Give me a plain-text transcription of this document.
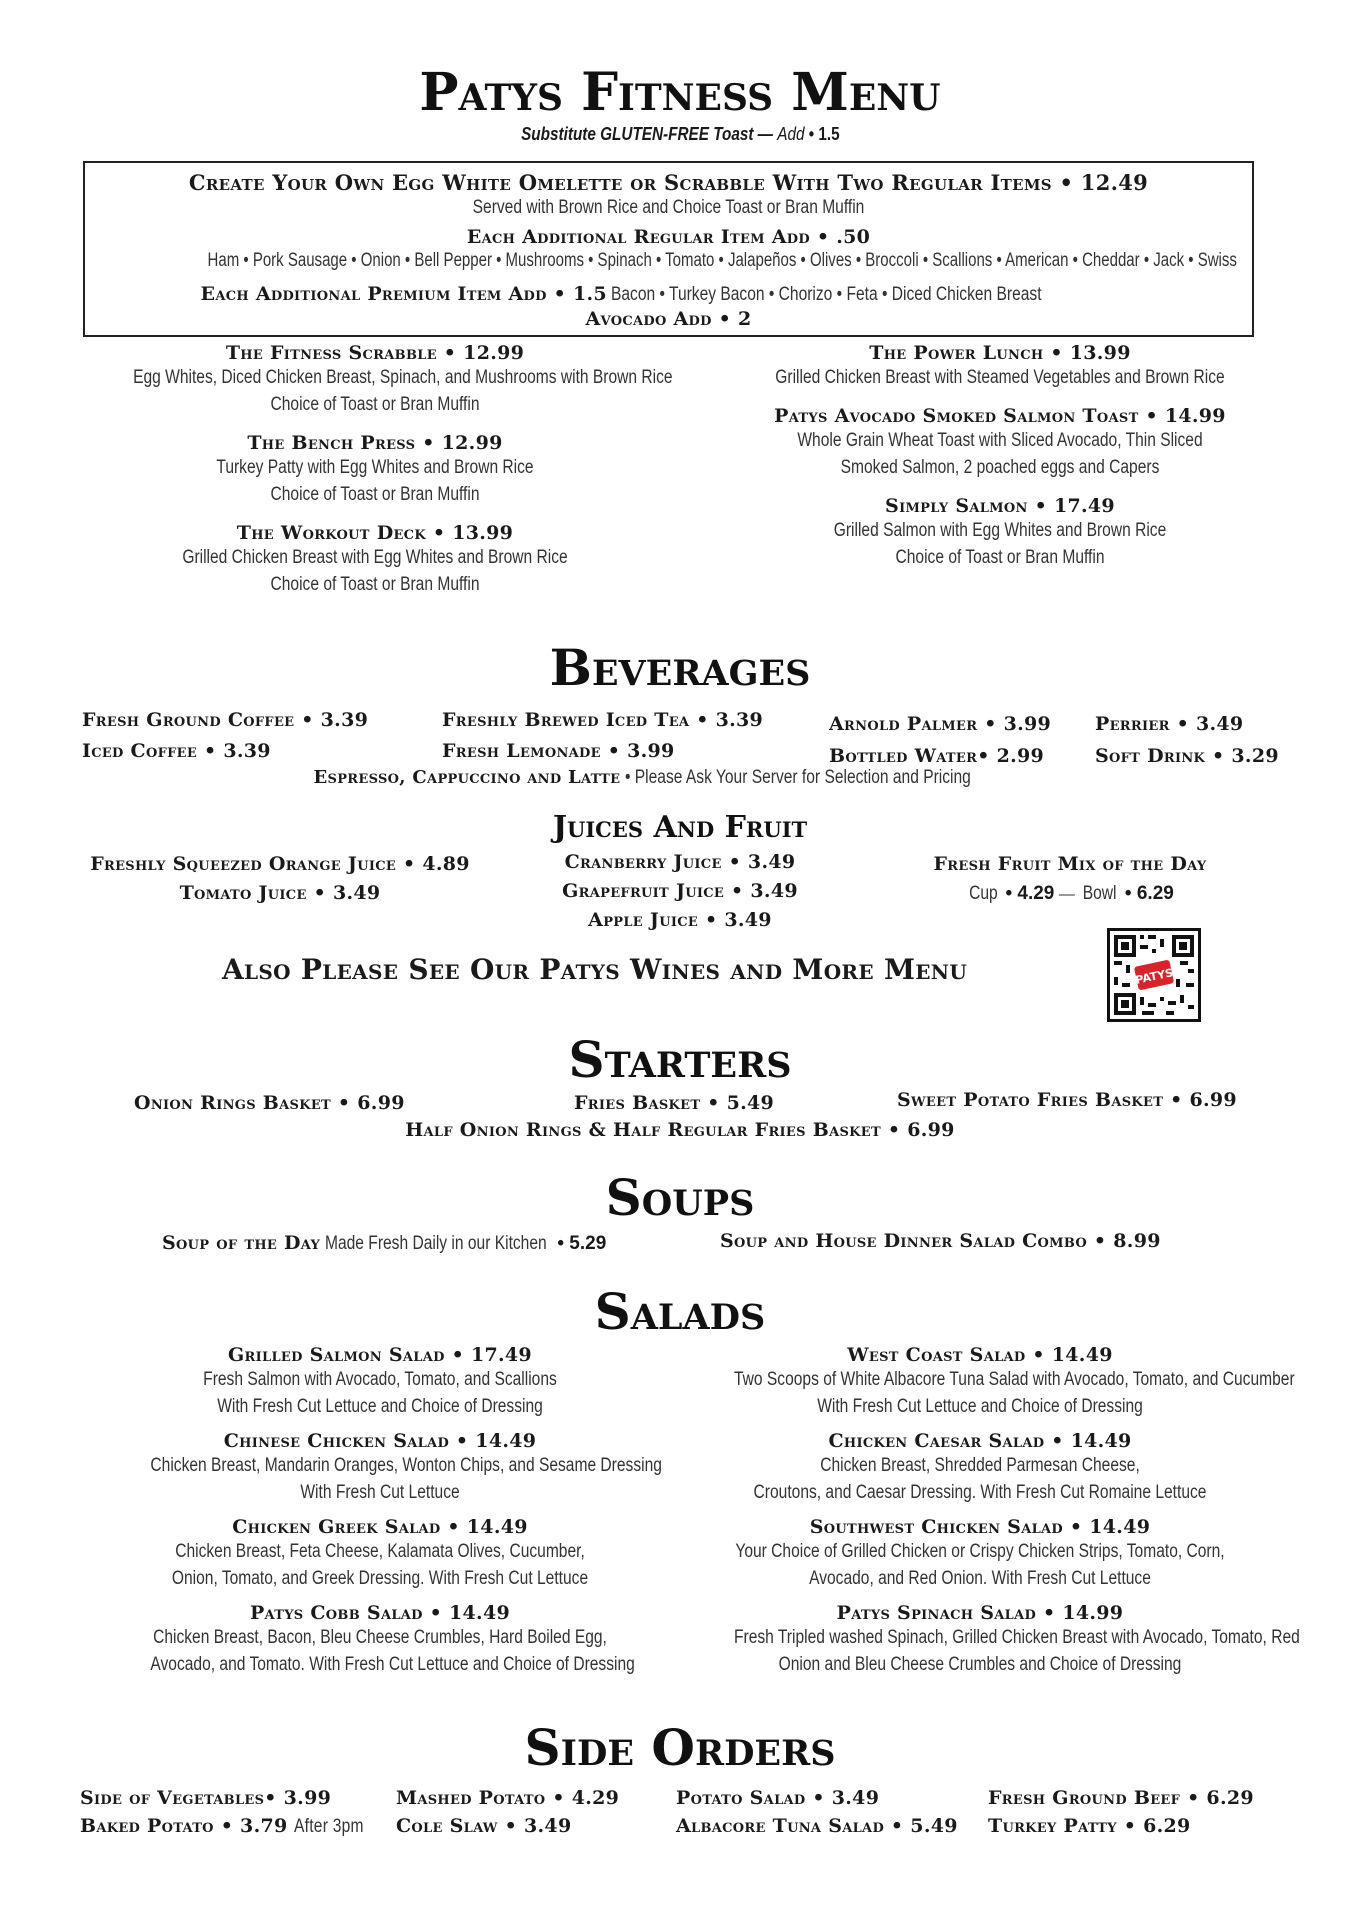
Patys Fitness Menu
Substitute GLUTEN-FREE Toast — Add • 1.5
Create Your Own Egg White Omelette or Scrabble With Two Regular Items • 12.49
Served with Brown Rice and Choice Toast or Bran Muffin
Each Additional Regular Item Add • .50
Ham • Pork Sausage • Onion • Bell Pepper • Mushrooms • Spinach • Tomato • Jalapeños • Olives • Broccoli • Scallions • American • Cheddar • Jack • Swiss
Each Additional Premium Item Add • 1.5 Bacon • Turkey Bacon • Chorizo • Feta • Diced Chicken Breast
Avocado Add • 2
The Fitness Scrabble • 12.99
Egg Whites, Diced Chicken Breast, Spinach, and Mushrooms with Brown Rice
Choice of Toast or Bran Muffin
The Bench Press • 12.99
Turkey Patty with Egg Whites and Brown Rice
Choice of Toast or Bran Muffin
The Workout Deck • 13.99
Grilled Chicken Breast with Egg Whites and Brown Rice
Choice of Toast or Bran Muffin
The Power Lunch • 13.99
Grilled Chicken Breast with Steamed Vegetables and Brown Rice
Patys Avocado Smoked Salmon Toast • 14.99
Whole Grain Wheat Toast with Sliced Avocado, Thin Sliced
Smoked Salmon, 2 poached eggs and Capers
Simply Salmon • 17.49
Grilled Salmon with Egg Whites and Brown Rice
Choice of Toast or Bran Muffin
Beverages
Fresh Ground Coffee • 3.39
Iced Coffee • 3.39
Freshly Brewed Iced Tea • 3.39
Fresh Lemonade • 3.99
Arnold Palmer • 3.99
Bottled Water• 2.99
Perrier • 3.49
Soft Drink • 3.29
Espresso, Cappuccino and Latte • Please Ask Your Server for Selection and Pricing
Juices And Fruit
Freshly Squeezed Orange Juice • 4.89
Tomato Juice • 3.49
Cranberry Juice • 3.49
Grapefruit Juice • 3.49
Apple Juice • 3.49
Fresh Fruit Mix of the Day
Cup • 4.29 — Bowl • 6.29
Also Please See Our Patys Wines and More Menu	PATYS
Starters
Onion Rings Basket • 6.99	Fries Basket • 5.49	Sweet Potato Fries Basket • 6.99
Half Onion Rings & Half Regular Fries Basket • 6.99
Soups
Soup of the Day Made Fresh Daily in our Kitchen • 5.29	Soup and House Dinner Salad Combo • 8.99
Salads
Grilled Salmon Salad • 17.49
Fresh Salmon with Avocado, Tomato, and Scallions
With Fresh Cut Lettuce and Choice of Dressing
Chinese Chicken Salad • 14.49
Chicken Breast, Mandarin Oranges, Wonton Chips, and Sesame Dressing
With Fresh Cut Lettuce
Chicken Greek Salad • 14.49
Chicken Breast, Feta Cheese, Kalamata Olives, Cucumber,
Onion, Tomato, and Greek Dressing. With Fresh Cut Lettuce
Patys Cobb Salad • 14.49
Chicken Breast, Bacon, Bleu Cheese Crumbles, Hard Boiled Egg,
Avocado, and Tomato. With Fresh Cut Lettuce and Choice of Dressing
West Coast Salad • 14.49
Two Scoops of White Albacore Tuna Salad with Avocado, Tomato, and Cucumber
With Fresh Cut Lettuce and Choice of Dressing
Chicken Caesar Salad • 14.49
Chicken Breast, Shredded Parmesan Cheese,
Croutons, and Caesar Dressing. With Fresh Cut Romaine Lettuce
Southwest Chicken Salad • 14.49
Your Choice of Grilled Chicken or Crispy Chicken Strips, Tomato, Corn,
Avocado, and Red Onion. With Fresh Cut Lettuce
Patys Spinach Salad • 14.99
Fresh Tripled washed Spinach, Grilled Chicken Breast with Avocado, Tomato, Red
Onion and Bleu Cheese Crumbles and Choice of Dressing
Side Orders
Side of Vegetables• 3.99
Baked Potato • 3.79 After 3pm
Mashed Potato • 4.29
Cole Slaw • 3.49
Potato Salad • 3.49
Albacore Tuna Salad • 5.49
Fresh Ground Beef • 6.29
Turkey Patty • 6.29
